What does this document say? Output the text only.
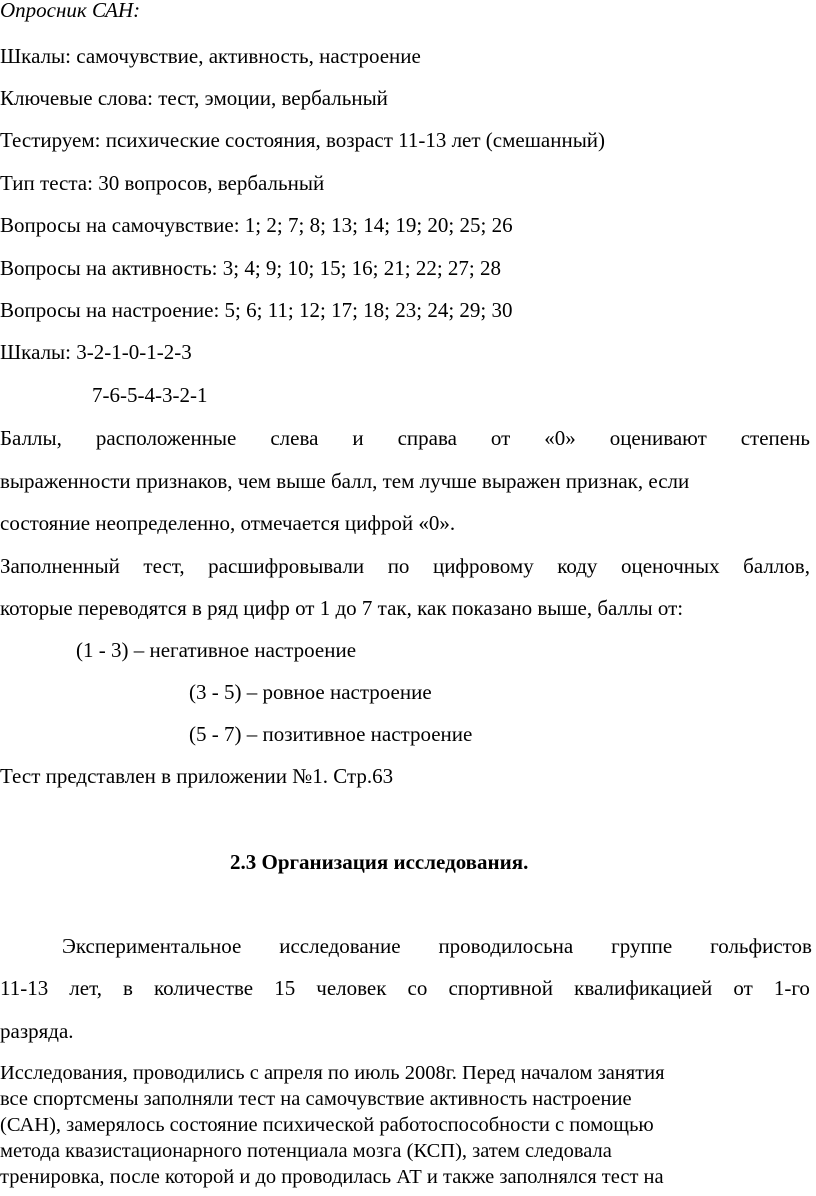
Опросник САН:
Шкалы: самочувствие, активность, настроение
Ключевые слова: тест, эмоции, вербальный
Тестируем: психические состояния, возраст 11-13 лет (смешанный)
Тип теста: 30 вопросов, вербальный
Вопросы на самочувствие: 1; 2; 7; 8; 13; 14; 19; 20; 25; 26
Вопросы на активность: 3; 4; 9; 10; 15; 16; 21; 22; 27; 28
Вопросы на настроение: 5; 6; 11; 12; 17; 18; 23; 24; 29; 30
Шкалы: 3-2-1-0-1-2-3
7-6-5-4-3-2-1
Баллы, расположенные слева и справа от «0» оценивают степень
выраженности признаков, чем выше балл, тем лучше выражен признак, если
состояние неопределенно, отмечается цифрой «0».
Заполненный тест, расшифровывали по цифровому коду оценочных баллов,
которые переводятся в ряд цифр от 1 до 7 так, как показано выше, баллы от:
(1 - 3) – негативное настроение
(3 - 5) – ровное настроение
(5 - 7) – позитивное настроение
Тест представлен в приложении №1. Стр.63
2.3 Организация исследования.
Экспериментальное исследование проводилосьна группе гольфистов
11-13 лет, в количестве 15 человек со спортивной квалификацией от 1-го
разряда.
Исследования, проводились с апреля по июль 2008г. Перед началом занятия
все спортсмены заполняли тест на самочувствие активность настроение
(САН), замерялось состояние психической работоспособности с помощью
метода квазистационарного потенциала мозга (КСП), затем следовала
тренировка, после которой и до проводилась АТ и также заполнялся тест на
